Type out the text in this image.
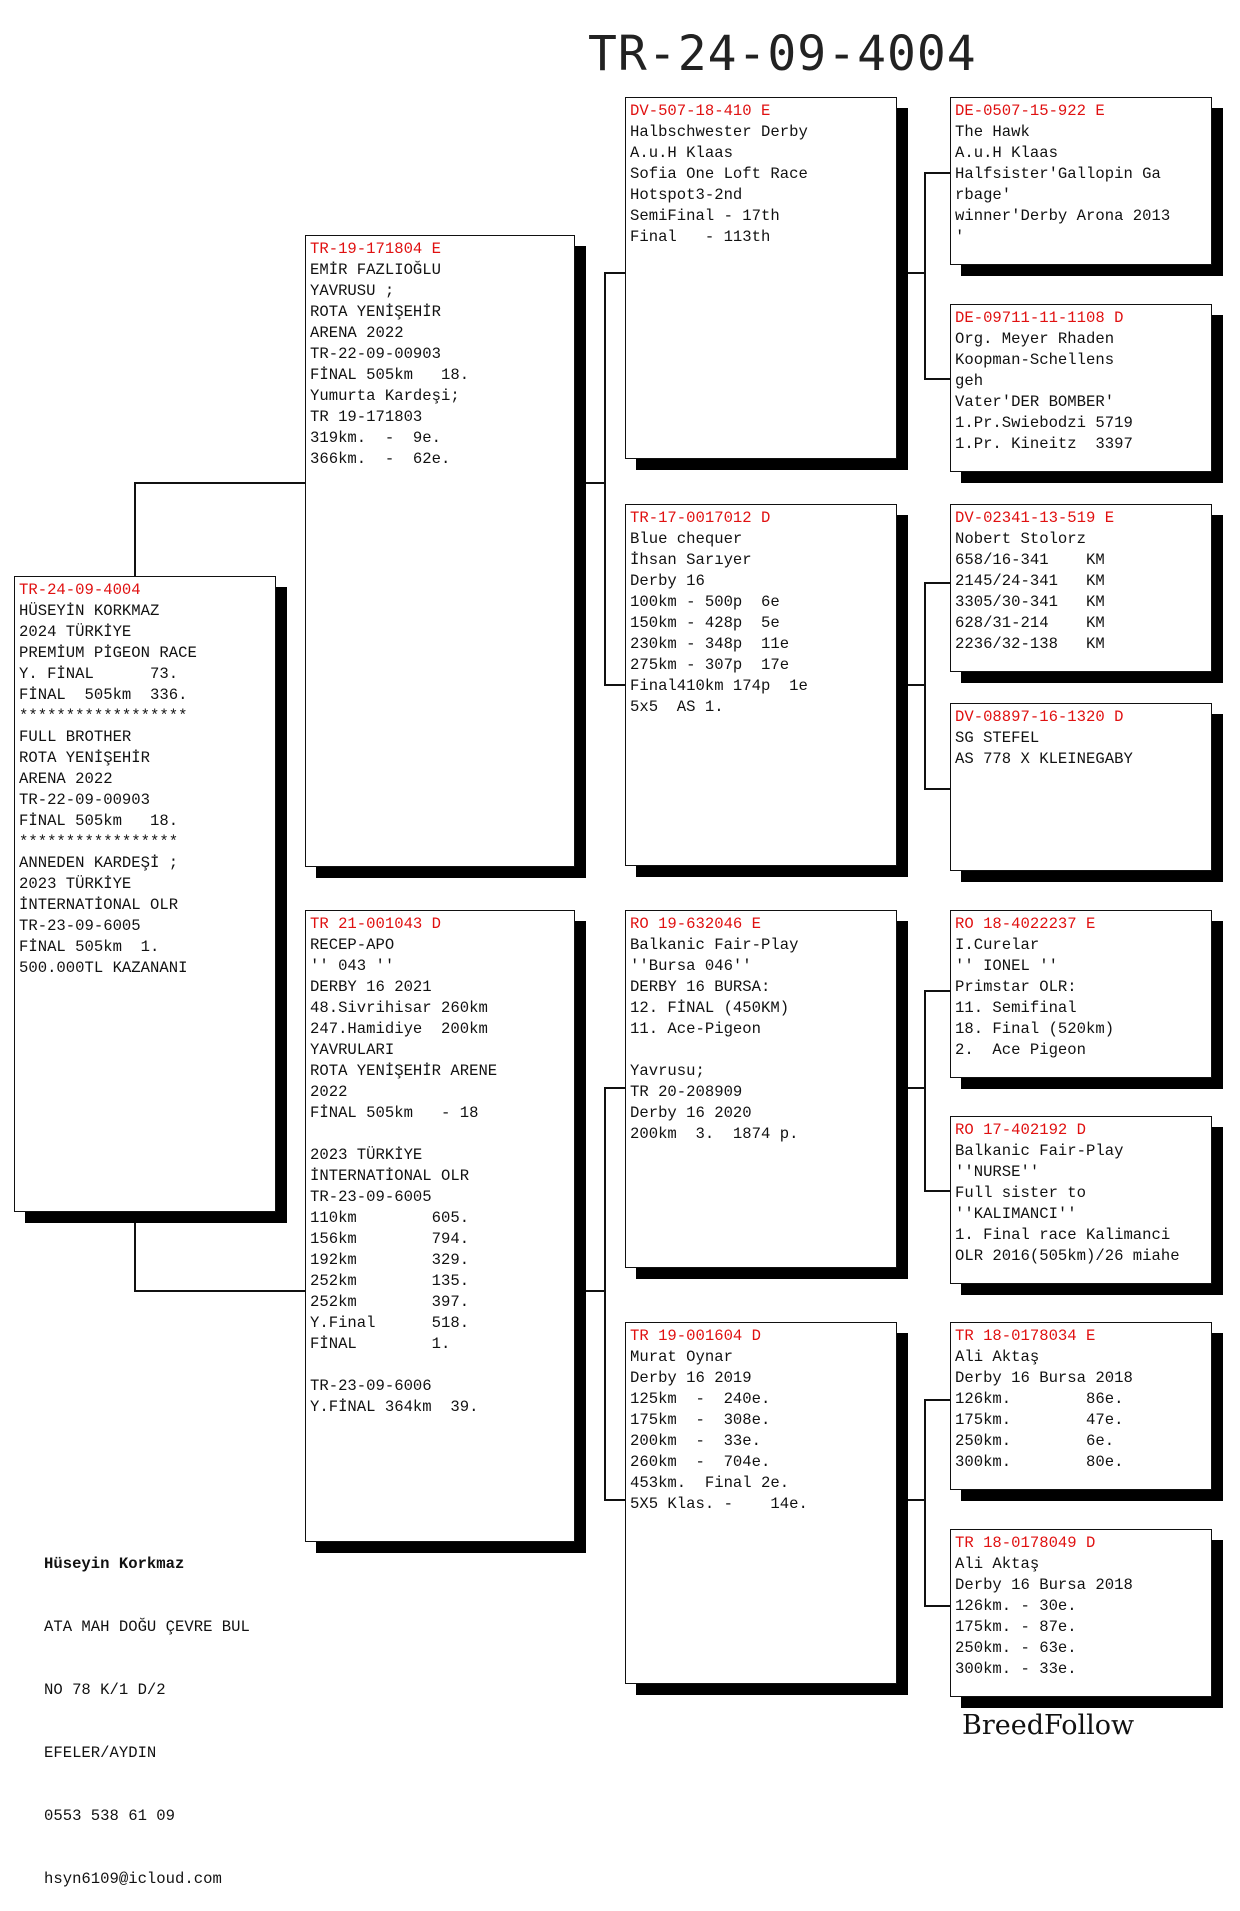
TR-24-09-4004
TR-24-09-4004
HÜSEYİN KORKMAZ
2024 TÜRKİYE
PREMİUM PİGEON RACE
Y. FİNAL      73.
FİNAL  505km  336.
******************
FULL BROTHER
ROTA YENİŞEHİR
ARENA 2022
TR-22-09-00903
FİNAL 505km   18.
*****************
ANNEDEN KARDEŞİ ;
2023 TÜRKİYE
İNTERNATİONAL OLR
TR-23-09-6005
FİNAL 505km  1.
500.000TL KAZANANI
TR-19-171804 E
EMİR FAZLIOĞLU
YAVRUSU ;
ROTA YENİŞEHİR
ARENA 2022
TR-22-09-00903
FİNAL 505km   18.
Yumurta Kardeşi;
TR 19-171803
319km.  -  9e.
366km.  -  62e.
TR 21-001043 D
RECEP-APO
'' 043 ''
DERBY 16 2021
48.Sivrihisar 260km
247.Hamidiye  200km
YAVRULARI
ROTA YENİŞEHİR ARENE
2022
FİNAL 505km   - 18
2023 TÜRKİYE
İNTERNATİONAL OLR
TR-23-09-6005
110km        605.
156km        794.
192km        329.
252km        135.
252km        397.
Y.Final      518.
FİNAL        1.
TR-23-09-6006
Y.FİNAL 364km  39.
DV-507-18-410 E
Halbschwester Derby
A.u.H Klaas
Sofia One Loft Race
Hotspot3-2nd
SemiFinal - 17th
Final   - 113th
TR-17-0017012 D
Blue chequer
İhsan Sarıyer
Derby 16
100km - 500p  6e
150km - 428p  5e
230km - 348p  11e
275km - 307p  17e
Final410km 174p  1e
5x5  AS 1.
RO 19-632046 E
Balkanic Fair-Play
''Bursa 046''
DERBY 16 BURSA:
12. FİNAL (450KM)
11. Ace-Pigeon
Yavrusu;
TR 20-208909
Derby 16 2020
200km  3.  1874 p.
TR 19-001604 D
Murat Oynar
Derby 16 2019
125km  -  240e.
175km  -  308e.
200km  -  33e.
260km  -  704e.
453km.  Final 2e.
5X5 Klas. -    14e.
DE-0507-15-922 E
The Hawk
A.u.H Klaas
Halfsister'Gallopin Ga
rbage'
winner'Derby Arona 2013
'
DE-09711-11-1108 D
Org. Meyer Rhaden
Koopman-Schellens
geh
Vater'DER BOMBER'
1.Pr.Swiebodzi 5719
1.Pr. Kineitz  3397
DV-02341-13-519 E
Nobert Stolorz
658/16-341    KM
2145/24-341   KM
3305/30-341   KM
628/31-214    KM
2236/32-138   KM
DV-08897-16-1320 D
SG STEFEL
AS 778 X KLEINEGABY
RO 18-4022237 E
I.Curelar
'' IONEL ''
Primstar OLR:
11. Semifinal
18. Final (520km)
2.  Ace Pigeon
RO 17-402192 D
Balkanic Fair-Play
''NURSE''
Full sister to
''KALIMANCI''
1. Final race Kalimanci
OLR 2016(505km)/26 miahe
TR 18-0178034 E
Ali Aktaş
Derby 16 Bursa 2018
126km.        86e.
175km.        47e.
250km.        6e.
300km.        80e.
TR 18-0178049 D
Ali Aktaş
Derby 16 Bursa 2018
126km. - 30e.
175km. - 87e.
250km. - 63e.
300km. - 33e.

Hüseyin Korkmaz

ATA MAH DOĞU ÇEVRE BUL

NO 78 K/1 D/2

EFELER/AYDIN

0553 538 61 09

hsyn6109@icloud.com

BreedFollow
